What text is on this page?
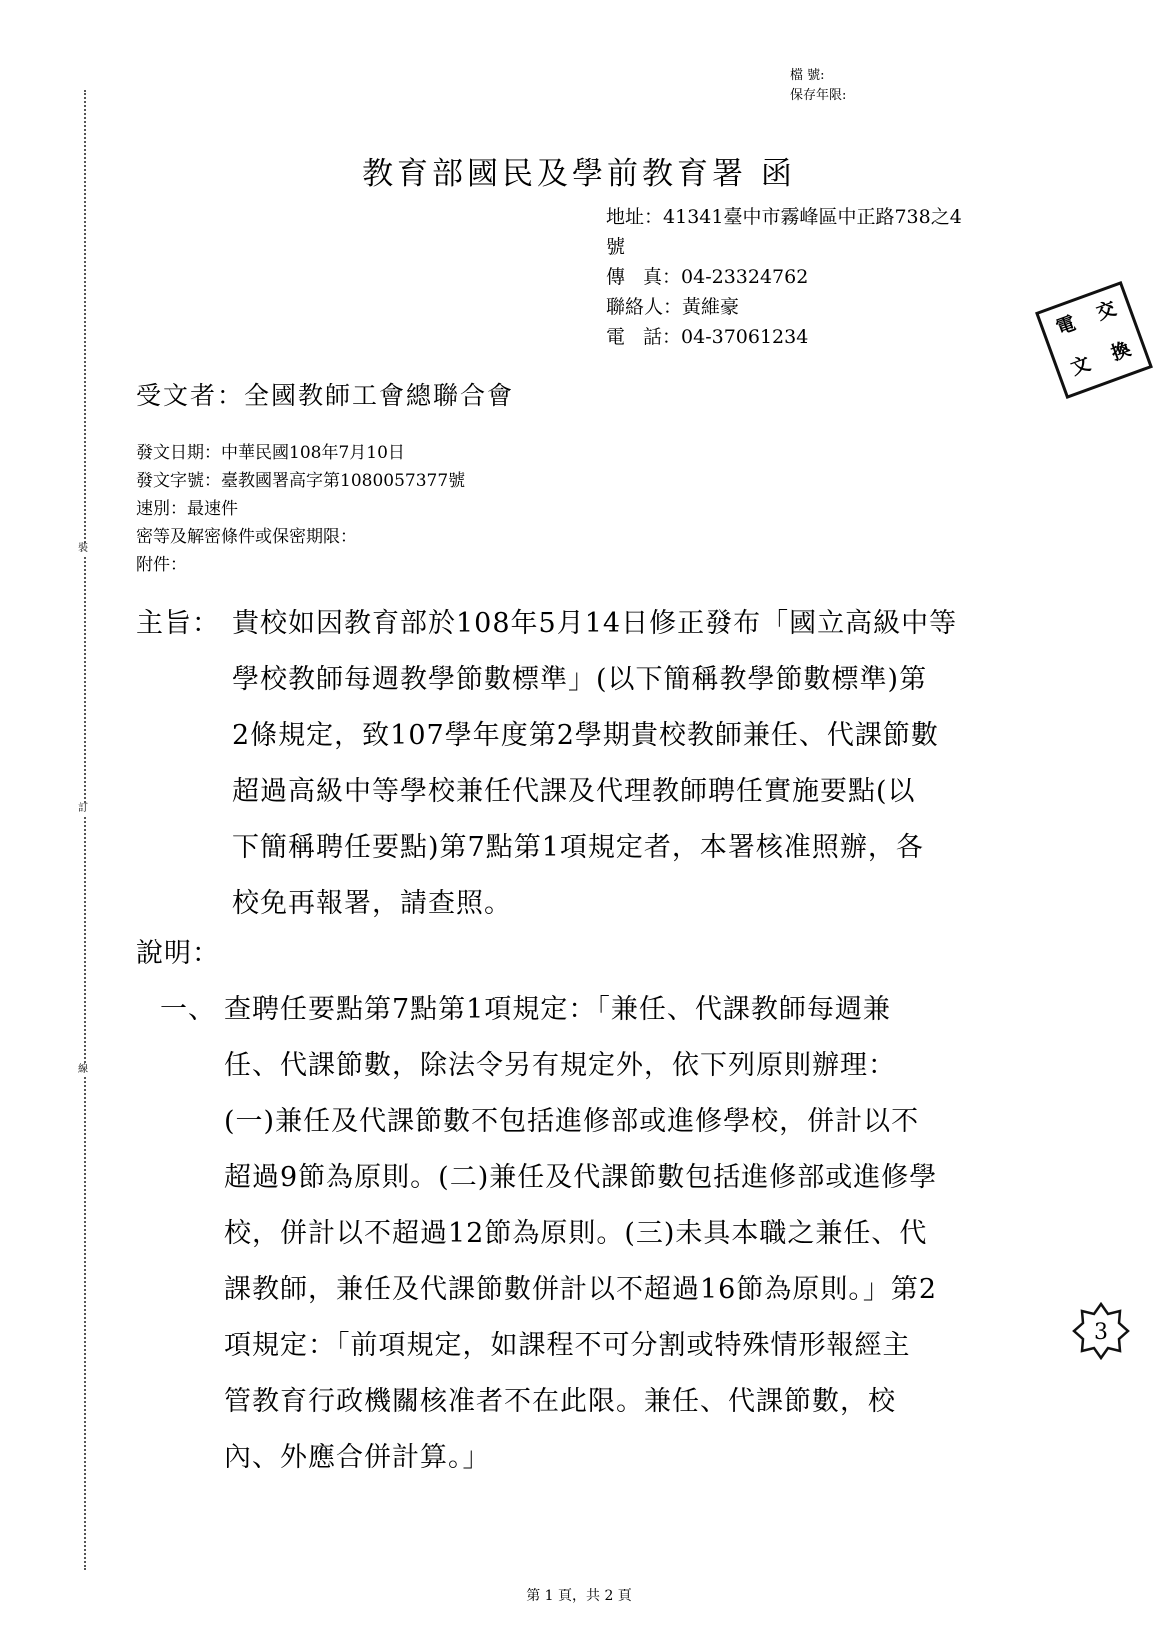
裝
訂
線
檔 號:
保存年限:
教育部國民及學前教育署 函
地址 ： 41341臺中市霧峰區中正路738之4
號
傳 真 ： 04-23324762
聯絡人 ： 黃維豪
電 話 ： 04-37061234	電
交
文
換
受文者：全國教師工會總聯合會
發文日期：中華民國108年7月10日
發文字號：臺教國署高字第1080057377號
速別：最速件
密等及解密條件或保密期限：
附件：
主旨： 貴校如因教育部於108年5月14日修正發布「國立高級中等
學校教師每週教學節數標準」(以下簡稱教學節數標準)第
2條規定，致107學年度第2學期貴校教師兼任、代課節數
超過高級中等學校兼任代課及代理教師聘任實施要點(以
下簡稱聘任要點)第7點第1項規定者，本署核准照辦，各
校免再報署，請查照。
說明：
一、 查聘任要點第7點第1項規定：「兼任、代課教師每週兼
任、代課節數，除法令另有規定外，依下列原則辦理：
(一)兼任及代課節數不包括進修部或進修學校，併計以不
超過9節為原則。(二)兼任及代課節數包括進修部或進修學
校，併計以不超過12節為原則。(三)未具本職之兼任、代
課教師，兼任及代課節數併計以不超過16節為原則。」第2
項規定：「前項規定，如課程不可分割或特殊情形報經主
管教育行政機關核准者不在此限。兼任、代課節數，校
內、外應合併計算。」
3
第 1 頁，共 2 頁
